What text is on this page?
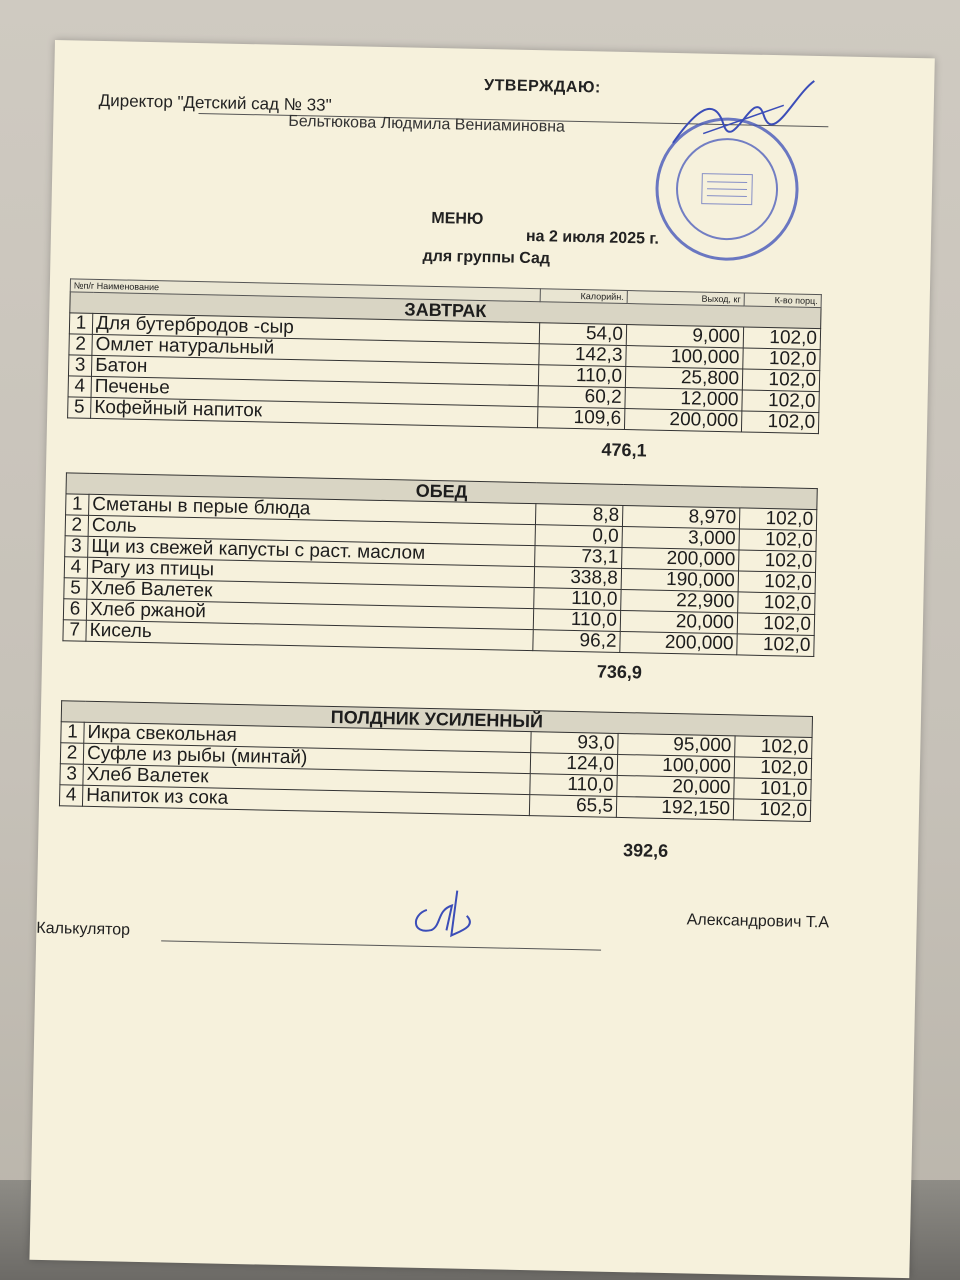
УТВЕРЖДАЮ:
Директор "Детский сад № 33"
Бельтюкова Людмила Вениаминовна
МЕНЮ
на 2 июля 2025 г.
для группы Сад
№п/г Наименование		Калорийн.	Выход, кг	К-во порц.
ЗАВТРАК				
1	Для бутербродов -сыр	54,0	9,000	102,0
2	Омлет натуральный	142,3	100,000	102,0
3	Батон	110,0	25,800	102,0
4	Печенье	60,2	12,000	102,0
5	Кофейный напиток	109,6	200,000	102,0
476,1
ОБЕД				
1	Сметаны в перые блюда	8,8	8,970	102,0
2	Соль	0,0	3,000	102,0
3	Щи из свежей капусты с раст. маслом	73,1	200,000	102,0
4	Рагу из птицы	338,8	190,000	102,0
5	Хлеб Валетек	110,0	22,900	102,0
6	Хлеб ржаной	110,0	20,000	102,0
7	Кисель	96,2	200,000	102,0
736,9
ПОЛДНИК УСИЛЕННЫЙ				
1	Икра свекольная	93,0	95,000	102,0
2	Суфле из рыбы (минтай)	124,0	100,000	102,0
3	Хлеб Валетек	110,0	20,000	101,0
4	Напиток из сока	65,5	192,150	102,0
392,6
Калькулятор	Александрович Т.А
